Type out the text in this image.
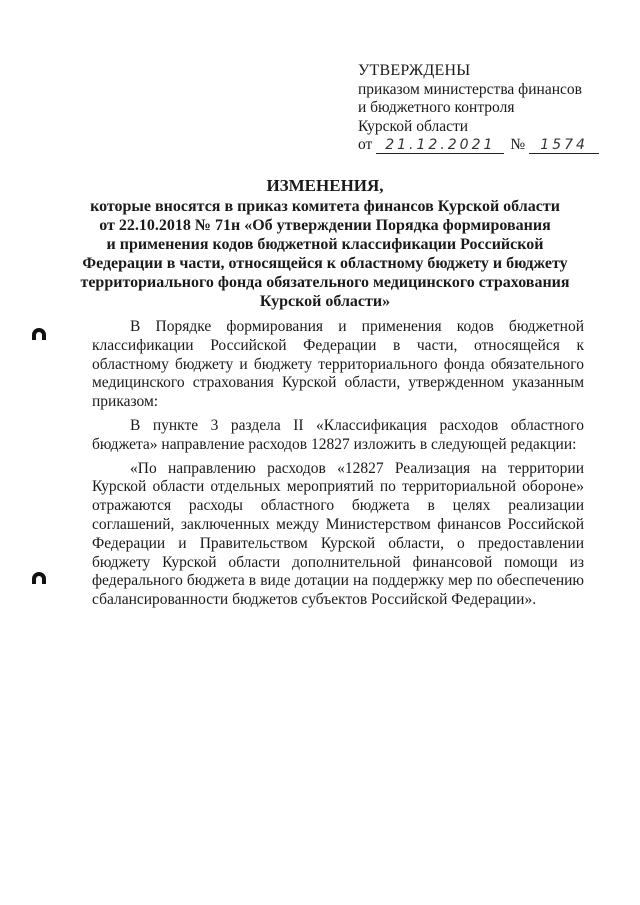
УТВЕРЖДЕНЫ
приказом министерства финансов
и бюджетного контроля
Курской области
от 21.12.2021 № 1574
ИЗМЕНЕНИЯ,
которые вносятся в приказ комитета финансов Курской области
от 22.10.2018 № 71н «Об утверждении Порядка формирования
и применения кодов бюджетной классификации Российской
Федерации в части, относящейся к областному бюджету и бюджету
территориального фонда обязательного медицинского страхования
Курской области»

В Порядке формирования и применения кодов бюджетной классификации Российской Федерации в части, относящейся к областному бюджету и бюджету территориального фонда обязательного медицинского страхования Курской области, утвержденном указанным приказом:

В пункте 3 раздела II «Классификация расходов областного бюджета» направление расходов 12827 изложить в следующей редакции:

«По направлению расходов «12827 Реализация на территории Курской области отдельных мероприятий по территориальной обороне» отражаются расходы областного бюджета в целях реализации соглашений, заключенных между Министерством финансов Российской Федерации и Правительством Курской области, о предоставлении бюджету Курской области дополнительной финансовой помощи из федерального бюджета в виде дотации на поддержку мер по обеспечению сбалансированности бюджетов субъектов Российской Федерации».
